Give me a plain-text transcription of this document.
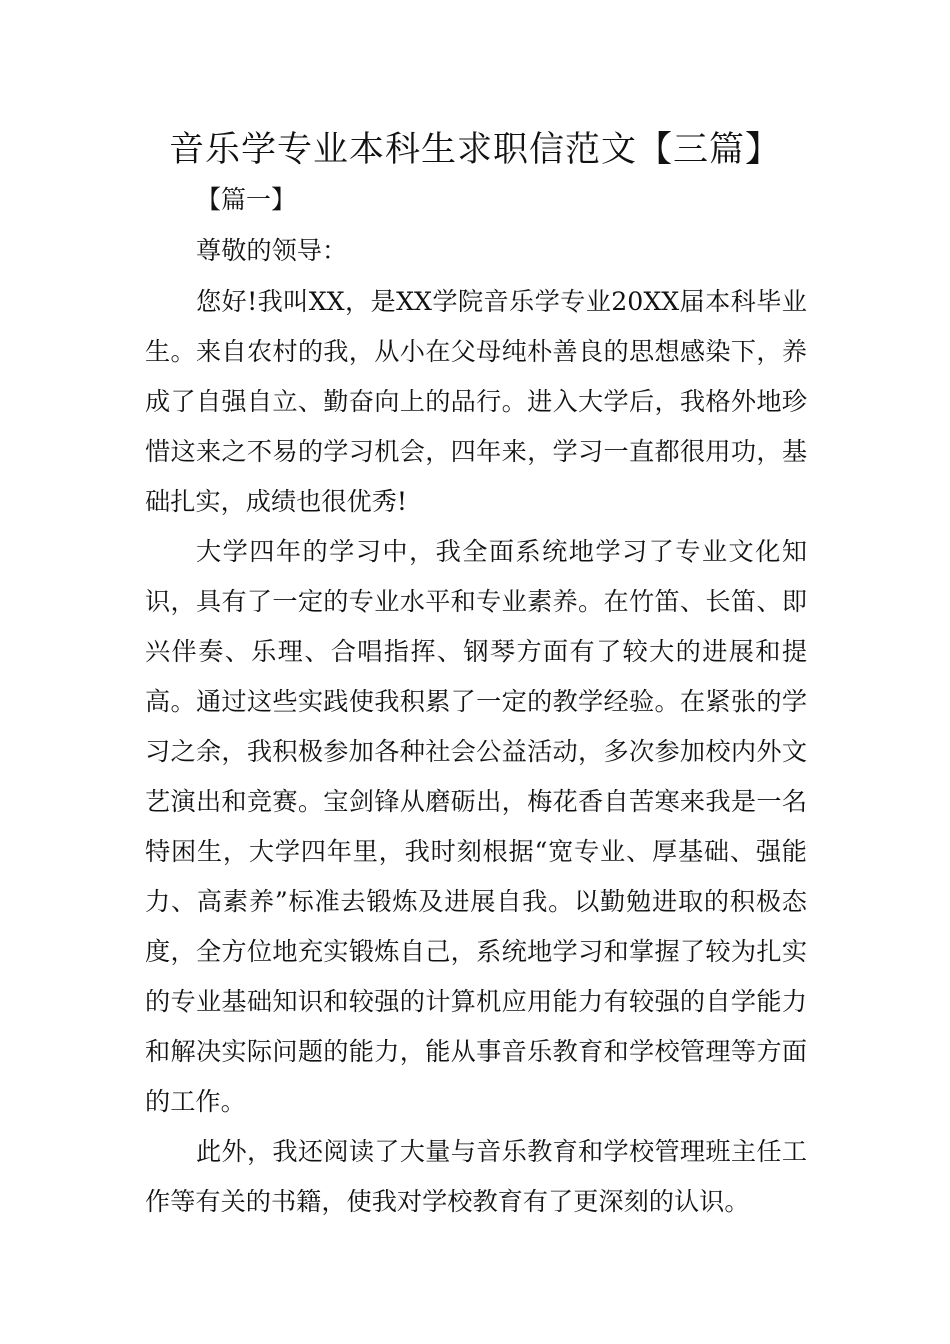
音乐学专业本科生求职信范文【三篇】

【篇一】

尊敬的领导：

您好!我叫XX，是XX学院音乐学专业20XX届本科毕业生。来自农村的我，从小在父母纯朴善良的思想感染下，养成了自强自立、勤奋向上的品行。进入大学后，我格外地珍惜这来之不易的学习机会，四年来，学习一直都很用功，基础扎实，成绩也很优秀!

大学四年的学习中，我全面系统地学习了专业文化知识，具有了一定的专业水平和专业素养。在竹笛、长笛、即兴伴奏、乐理、合唱指挥、钢琴方面有了较大的进展和提高。通过这些实践使我积累了一定的教学经验。在紧张的学习之余，我积极参加各种社会公益活动，多次参加校内外文艺演出和竞赛。宝剑锋从磨砺出，梅花香自苦寒来我是一名特困生，大学四年里，我时刻根据“宽专业、厚基础、强能力、高素养”标准去锻炼及进展自我。以勤勉进取的积极态度，全方位地充实锻炼自己，系统地学习和掌握了较为扎实的专业基础知识和较强的计算机应用能力有较强的自学能力和解决实际问题的能力，能从事音乐教育和学校管理等方面的工作。

此外，我还阅读了大量与音乐教育和学校管理班主任工作等有关的书籍，使我对学校教育有了更深刻的认识。
